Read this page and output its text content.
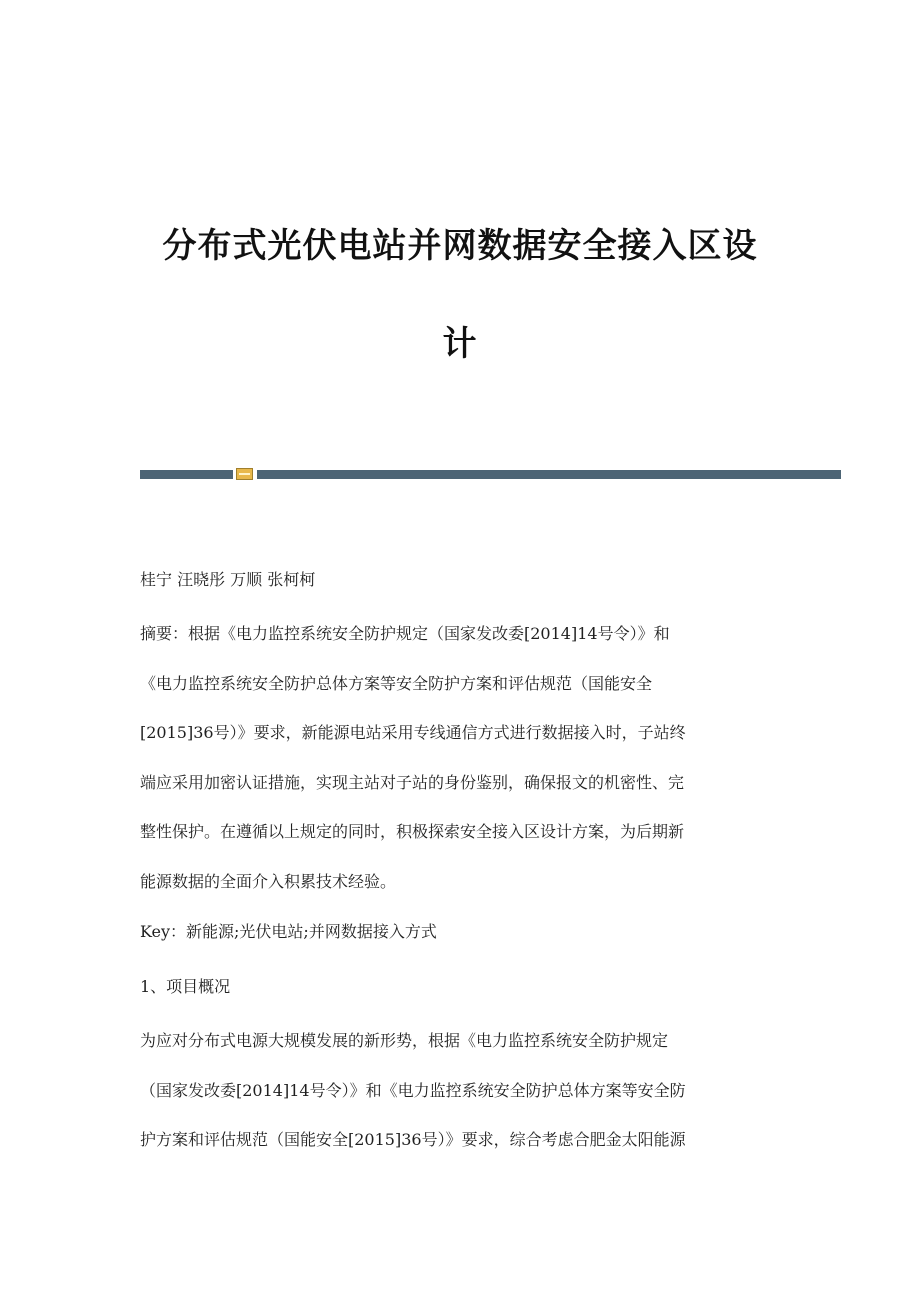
分布式光伏电站并网数据安全接入区设
计
桂宁 汪晓彤 万顺 张柯柯
摘要：根据《电力监控系统安全防护规定（国家发改委[2014]14号令）》和
《电力监控系统安全防护总体方案等安全防护方案和评估规范（国能安全
[2015]36号）》要求，新能源电站采用专线通信方式进行数据接入时，子站终
端应采用加密认证措施，实现主站对子站的身份鉴别，确保报文的机密性、完
整性保护。在遵循以上规定的同时，积极探索安全接入区设计方案，为后期新
能源数据的全面介入积累技术经验。
Key：新能源;光伏电站;并网数据接入方式
1、项目概况
为应对分布式电源大规模发展的新形势，根据《电力监控系统安全防护规定
（国家发改委[2014]14号令）》和《电力监控系统安全防护总体方案等安全防
护方案和评估规范（国能安全[2015]36号）》要求，综合考虑合肥金太阳能源
